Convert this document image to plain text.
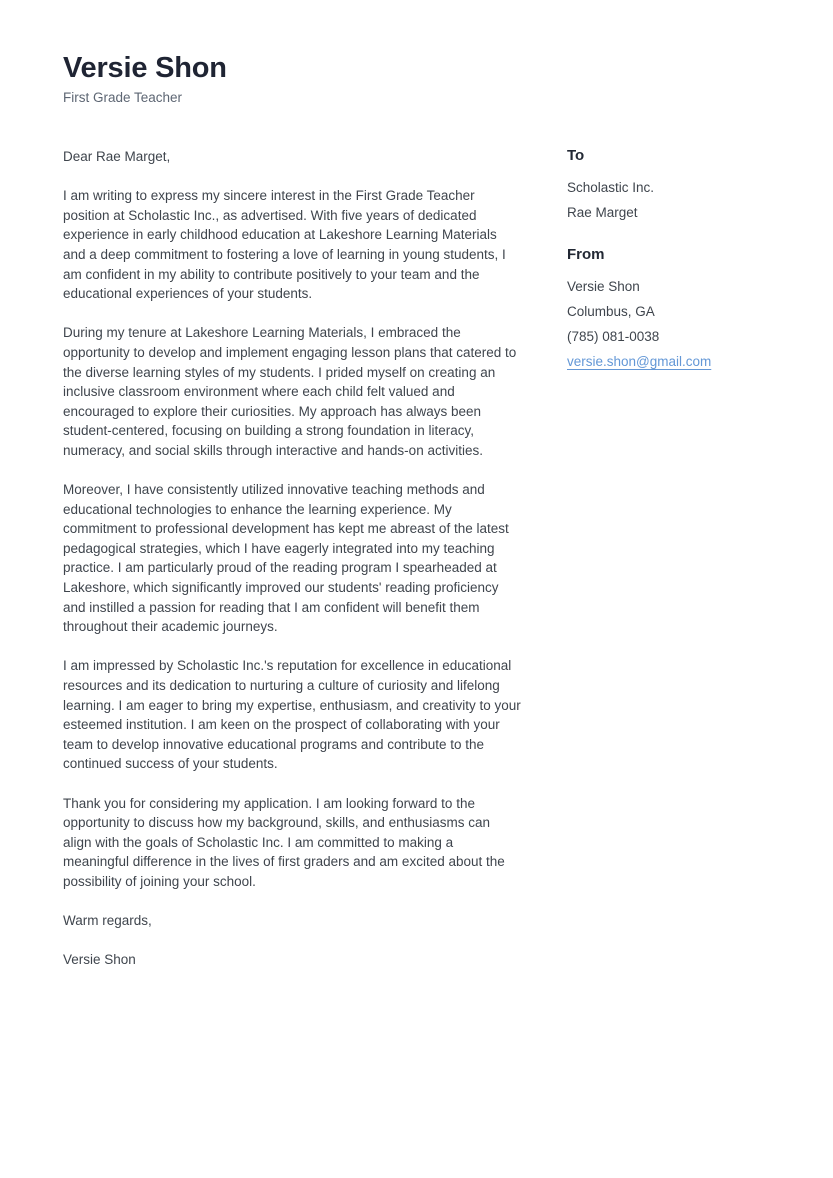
Versie Shon
First Grade Teacher

Dear Rae Marget,

I am writing to express my sincere interest in the First Grade Teacher position at Scholastic Inc., as advertised. With five years of dedicated experience in early childhood education at Lakeshore Learning Materials and a deep commitment to fostering a love of learning in young students, I am confident in my ability to contribute positively to your team and the educational experiences of your students.

During my tenure at Lakeshore Learning Materials, I embraced the opportunity to develop and implement engaging lesson plans that catered to the diverse learning styles of my students. I prided myself on creating an inclusive classroom environment where each child felt valued and encouraged to explore their curiosities. My approach has always been student-centered, focusing on building a strong foundation in literacy, numeracy, and social skills through interactive and hands-on activities.

Moreover, I have consistently utilized innovative teaching methods and educational technologies to enhance the learning experience. My commitment to professional development has kept me abreast of the latest pedagogical strategies, which I have eagerly integrated into my teaching practice. I am particularly proud of the reading program I spearheaded at Lakeshore, which significantly improved our students' reading proficiency and instilled a passion for reading that I am confident will benefit them throughout their academic journeys.

I am impressed by Scholastic Inc.'s reputation for excellence in educational resources and its dedication to nurturing a culture of curiosity and lifelong learning. I am eager to bring my expertise, enthusiasm, and creativity to your esteemed institution. I am keen on the prospect of collaborating with your team to develop innovative educational programs and contribute to the continued success of your students.

Thank you for considering my application. I am looking forward to the opportunity to discuss how my background, skills, and enthusiasms can align with the goals of Scholastic Inc. I am committed to making a meaningful difference in the lives of first graders and am excited about the possibility of joining your school.

Warm regards,

Versie Shon

To
Scholastic Inc.
Rae Marget
From
Versie Shon
Columbus, GA
(785) 081-0038
versie.shon@gmail.com
